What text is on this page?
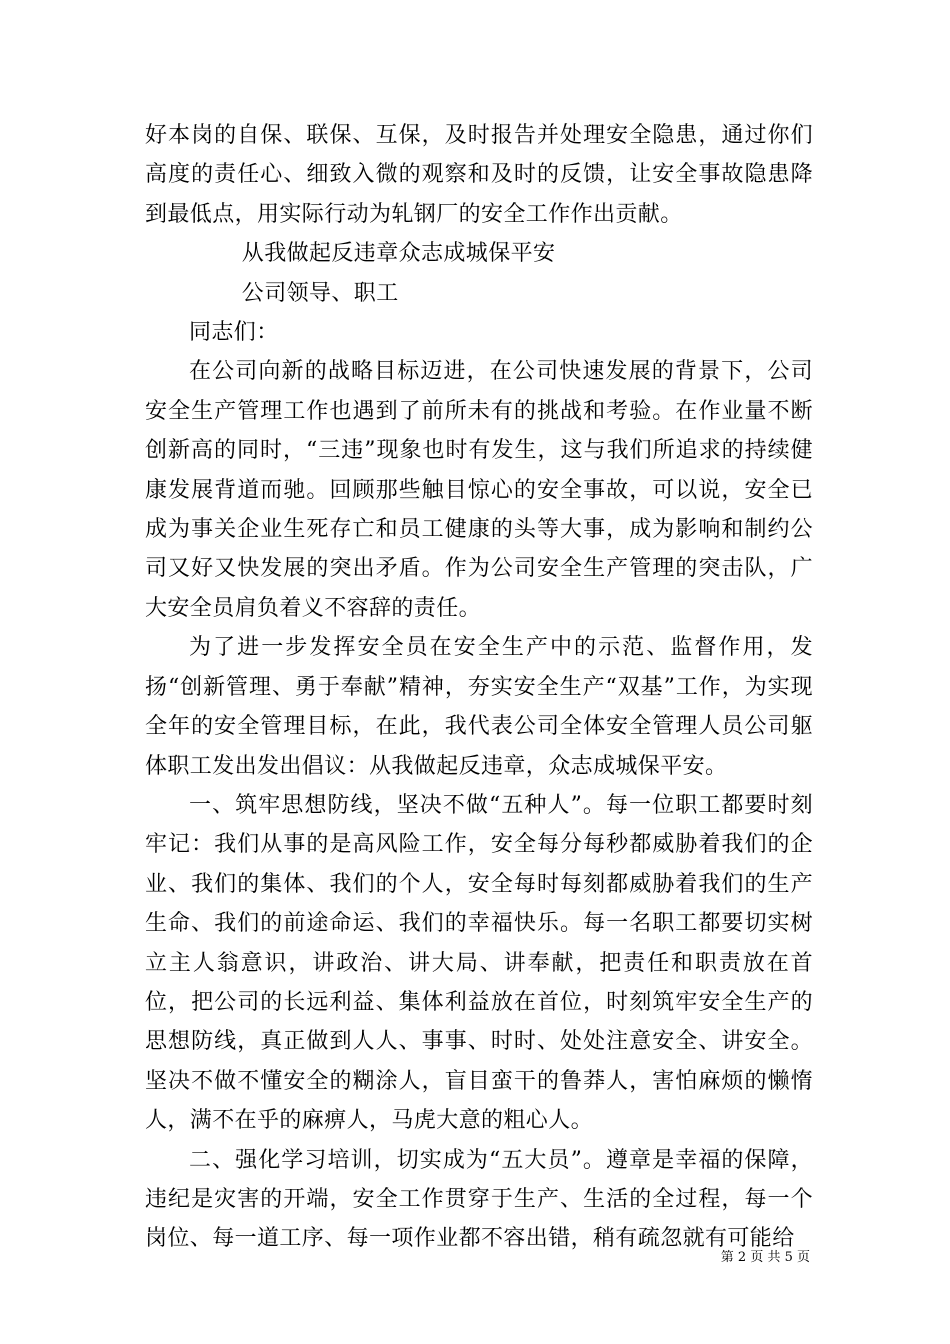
好本岗的自保、联保、互保，及时报告并处理安全隐患，通过你们高度的责任心、细致入微的观察和及时的反馈，让安全事故隐患降到最低点，用实际行动为轧钢厂的安全工作作出贡献。

从我做起反违章众志成城保平安

公司领导、职工

同志们：

在公司向新的战略目标迈进，在公司快速发展的背景下，公司安全生产管理工作也遇到了前所未有的挑战和考验。在作业量不断创新高的同时，“三违”现象也时有发生，这与我们所追求的持续健康发展背道而驰。回顾那些触目惊心的安全事故，可以说，安全已成为事关企业生死存亡和员工健康的头等大事，成为影响和制约公司又好又快发展的突出矛盾。作为公司安全生产管理的突击队，广大安全员肩负着义不容辞的责任。

为了进一步发挥安全员在安全生产中的示范、监督作用，发扬“创新管理、勇于奉献”精神，夯实安全生产“双基”工作，为实现全年的安全管理目标，在此，我代表公司全体安全管理人员公司躯体职工发出发出倡议：从我做起反违章，众志成城保平安。

一、筑牢思想防线，坚决不做“五种人”。每一位职工都要时刻牢记：我们从事的是高风险工作，安全每分每秒都威胁着我们的企业、我们的集体、我们的个人，安全每时每刻都威胁着我们的生产生命、我们的前途命运、我们的幸福快乐。每一名职工都要切实树立主人翁意识，讲政治、讲大局、讲奉献，把责任和职责放在首位，把公司的长远利益、集体利益放在首位，时刻筑牢安全生产的思想防线，真正做到人人、事事、时时、处处注意安全、讲安全。坚决不做不懂安全的糊涂人，盲目蛮干的鲁莽人，害怕麻烦的懒惰人，满不在乎的麻痹人，马虎大意的粗心人。

二、强化学习培训，切实成为“五大员”。遵章是幸福的保障，违纪是灾害的开端，安全工作贯穿于生产、生活的全过程，每一个岗位、每一道工序、每一项作业都不容出错，稍有疏忽就有可能给

第 2 页 共 5 页
